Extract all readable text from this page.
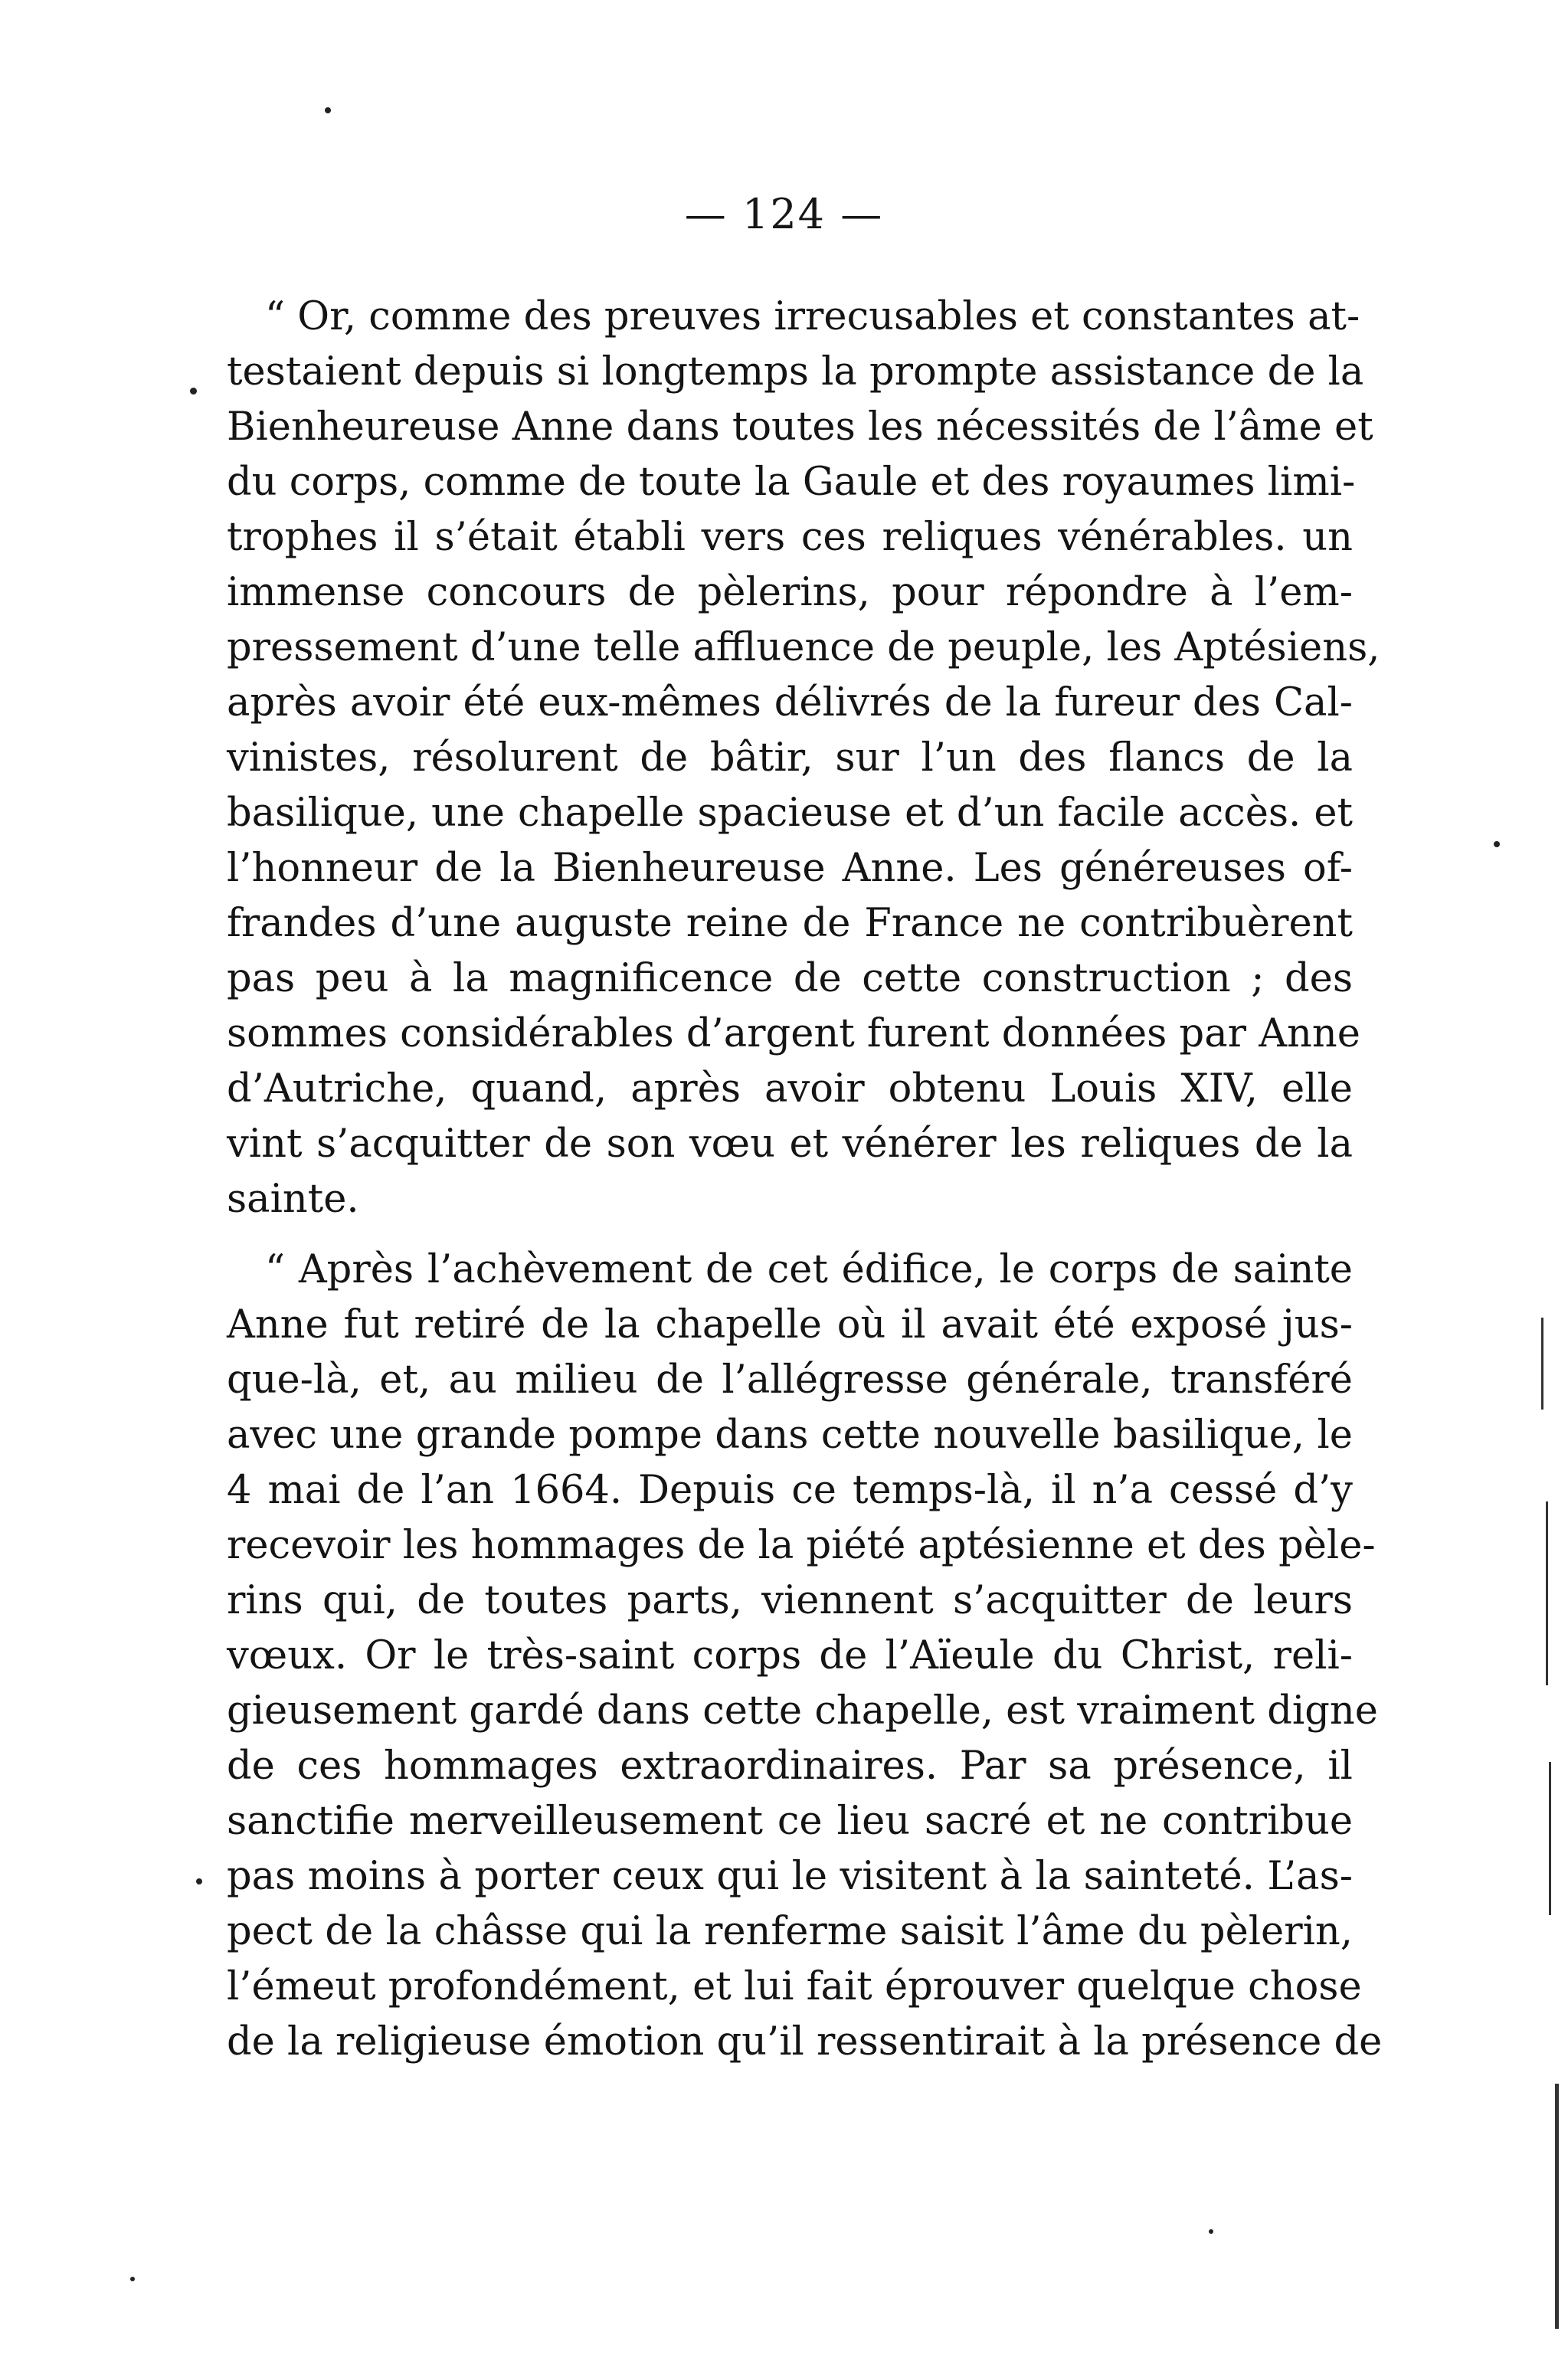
— 124 —
“ Or, comme des preuves irrecusables et constantes at-
testaient depuis si longtemps la prompte assistance de la
Bienheureuse Anne dans toutes les nécessités de l’âme et
du corps, comme de toute la Gaule et des royaumes limi-
trophes il s’était établi vers ces reliques vénérables. un
immense concours de pèlerins, pour répondre à l’em-
pressement d’une telle affluence de peuple, les Aptésiens,
après avoir été eux-mêmes délivrés de la fureur des Cal-
vinistes, résolurent de bâtir, sur l’un des flancs de la
basilique, une chapelle spacieuse et d’un facile accès. et
l’honneur de la Bienheureuse Anne. Les généreuses of-
frandes d’une auguste reine de France ne contribuèrent
pas peu à la magnificence de cette construction ; des
sommes considérables d’argent furent données par Anne
d’Autriche, quand, après avoir obtenu Louis XIV, elle
vint s’acquitter de son vœu et vénérer les reliques de la
sainte.
“ Après l’achèvement de cet édifice, le corps de sainte
Anne fut retiré de la chapelle où il avait été exposé jus-
que-là, et, au milieu de l’allégresse générale, transféré
avec une grande pompe dans cette nouvelle basilique, le
4 mai de l’an 1664. Depuis ce temps-là, il n’a cessé d’y
recevoir les hommages de la piété aptésienne et des pèle-
rins qui, de toutes parts, viennent s’acquitter de leurs
vœux. Or le très-saint corps de l’Aïeule du Christ, reli-
gieusement gardé dans cette chapelle, est vraiment digne
de ces hommages extraordinaires. Par sa présence, il
sanctifie merveilleusement ce lieu sacré et ne contribue
pas moins à porter ceux qui le visitent à la sainteté. L’as-
pect de la châsse qui la renferme saisit l’âme du pèlerin,
l’émeut profondément, et lui fait éprouver quelque chose
de la religieuse émotion qu’il ressentirait à la présence de
